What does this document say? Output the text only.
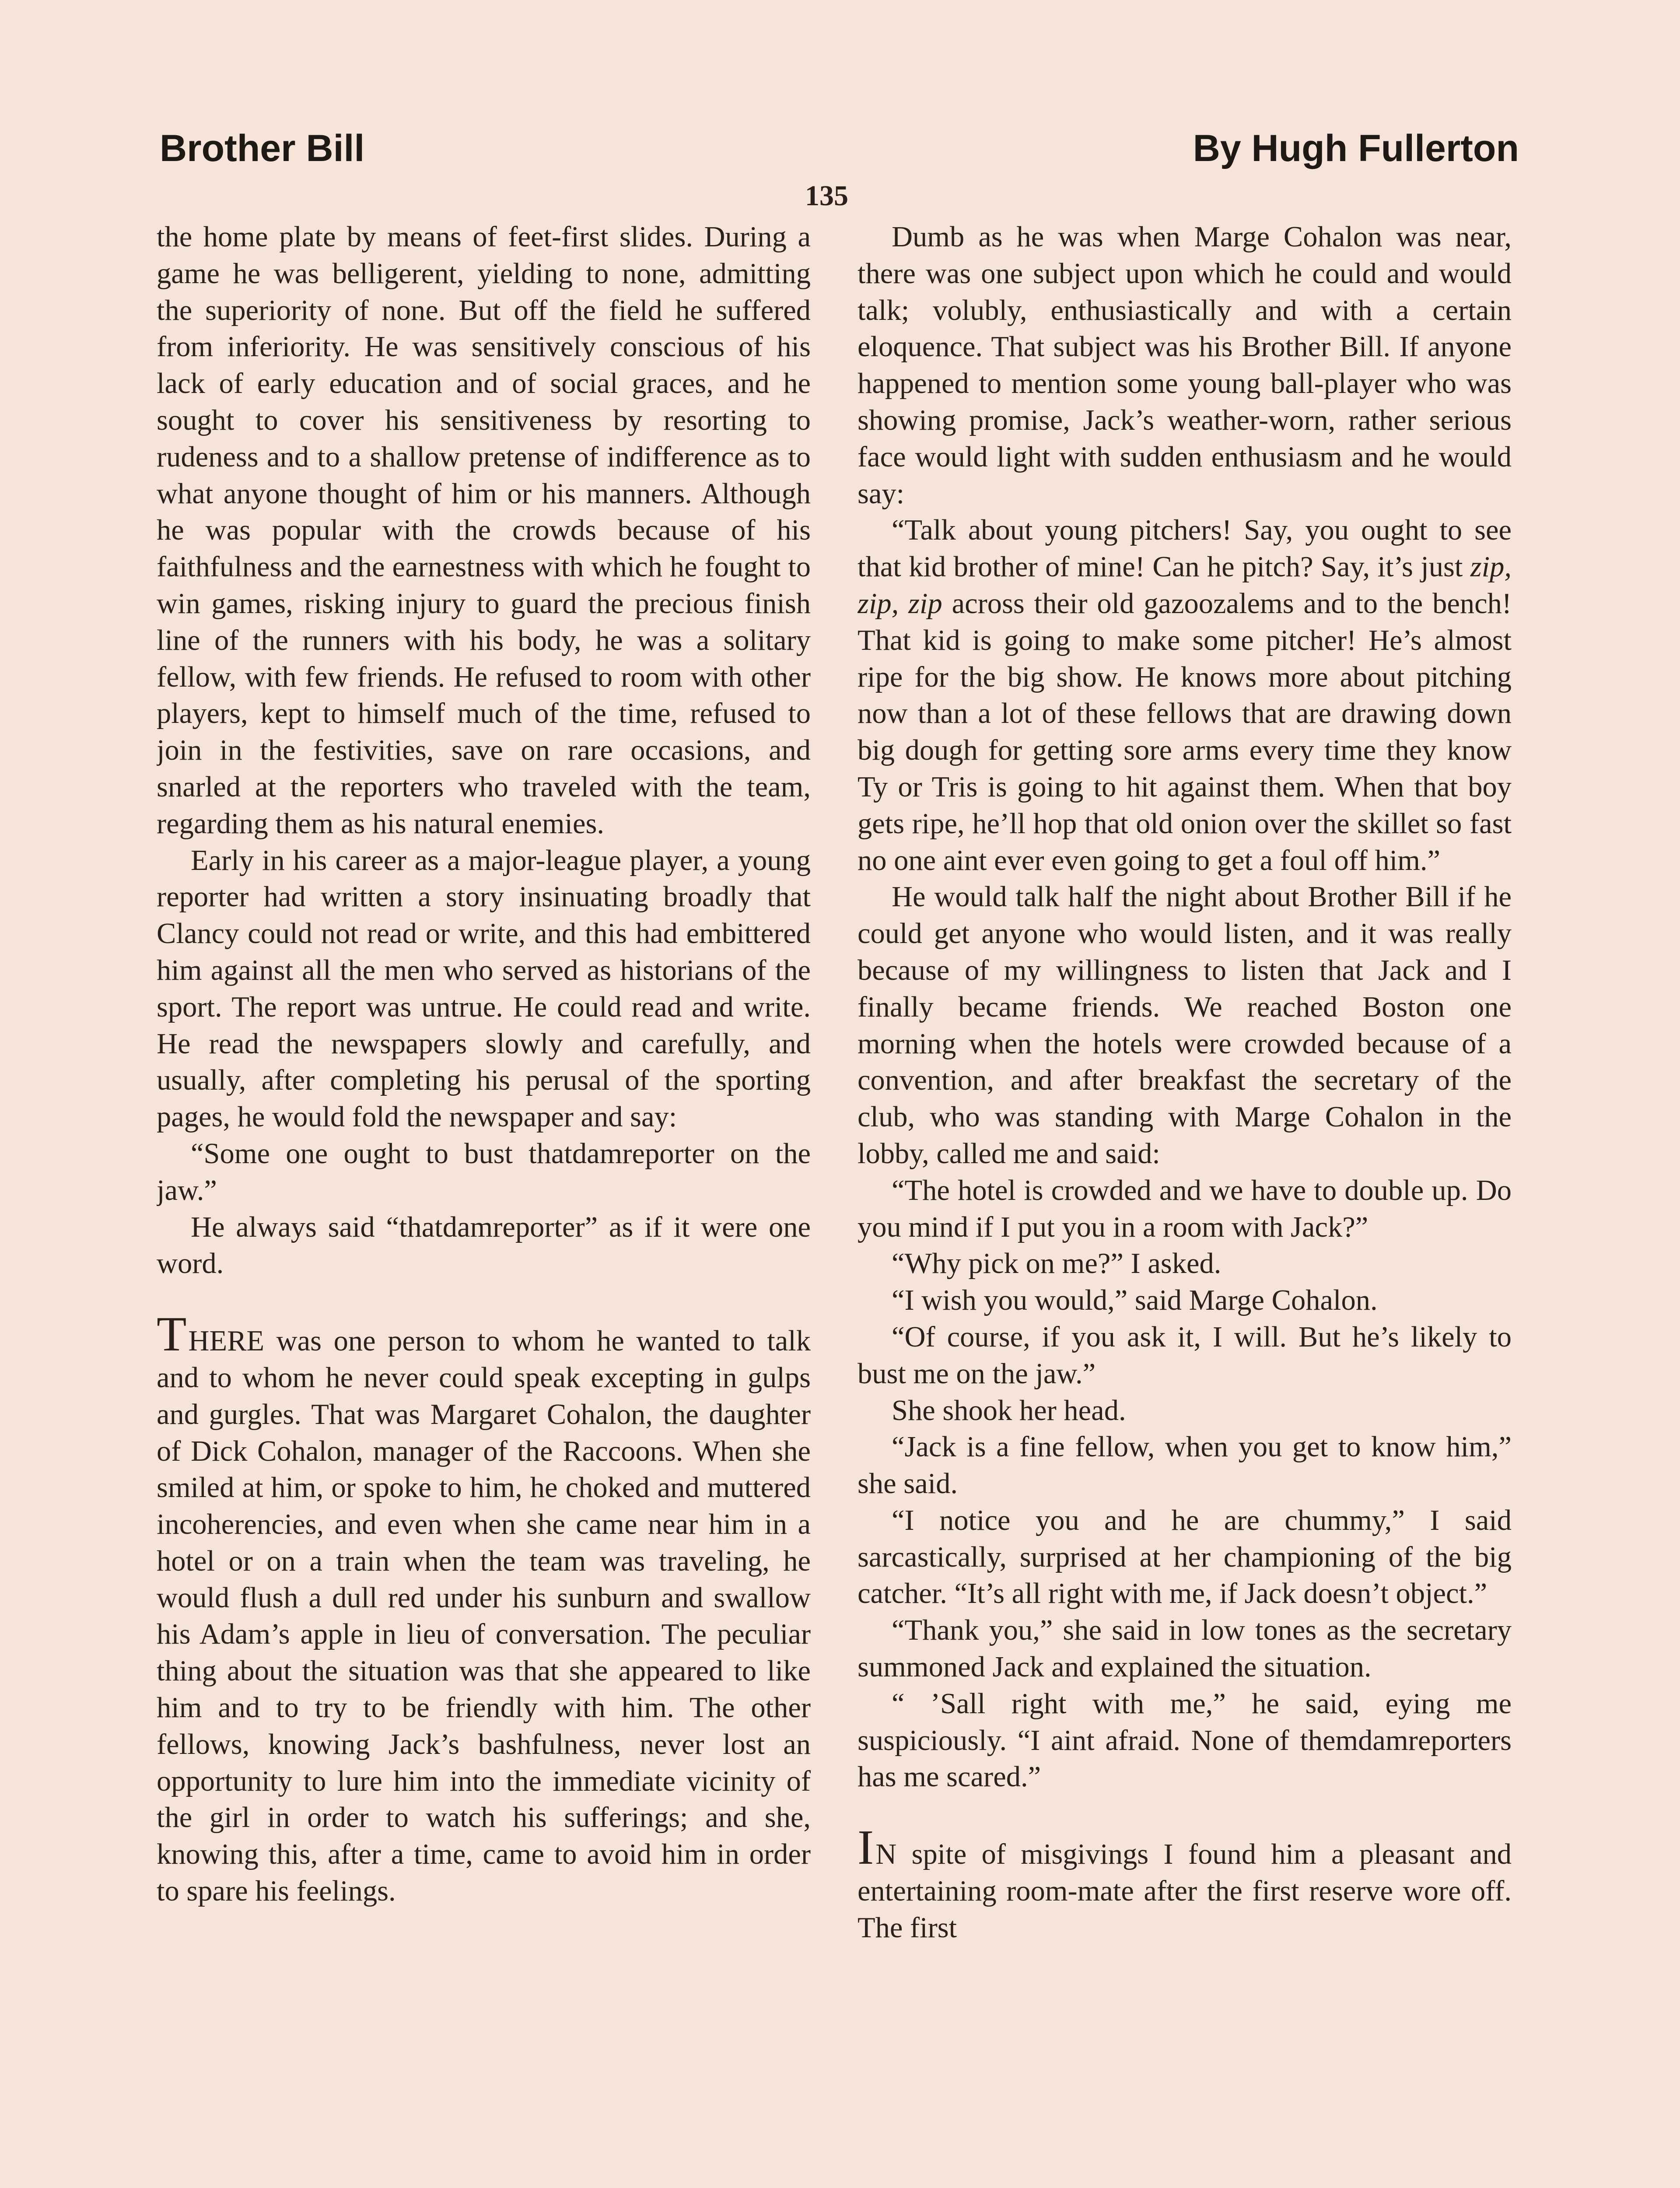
Brother Bill	By Hugh Fullerton
135

the home plate by means of feet-first slides. During a game he was belligerent, yielding to none, admitting the superiority of none. But off the field he suffered from inferiority. He was sensitively conscious of his lack of early education and of social graces, and he sought to cover his sensitiveness by resorting to rudeness and to a shallow pretense of indifference as to what anyone thought of him or his manners. Although he was popular with the crowds because of his faithfulness and the earnestness with which he fought to win games, risking injury to guard the precious finish line of the runners with his body, he was a solitary fellow, with few friends. He refused to room with other players, kept to himself much of the time, refused to join in the festivities, save on rare occasions, and snarled at the reporters who traveled with the team, regarding them as his natural enemies.

Early in his career as a major-league player, a young reporter had written a story insinuating broadly that Clancy could not read or write, and this had embittered him against all the men who served as historians of the sport. The report was untrue. He could read and write. He read the newspapers slowly and carefully, and usually, after completing his perusal of the sporting pages, he would fold the newspaper and say:

“Some one ought to bust thatdamreporter on the jaw.”

He always said “thatdamreporter” as if it were one word.

THERE was one person to whom he wanted to talk and to whom he never could speak excepting in gulps and gurgles. That was Margaret Cohalon, the daughter of Dick Cohalon, manager of the Raccoons. When she smiled at him, or spoke to him, he choked and muttered incoherencies, and even when she came near him in a hotel or on a train when the team was traveling, he would flush a dull red under his sunburn and swallow his Adam’s apple in lieu of conversation. The peculiar thing about the situation was that she appeared to like him and to try to be friendly with him. The other fellows, knowing Jack’s bashfulness, never lost an opportunity to lure him into the immediate vicinity of the girl in order to watch his sufferings; and she, knowing this, after a time, came to avoid him in order to spare his feelings.

Dumb as he was when Marge Cohalon was near, there was one subject upon which he could and would talk; volubly, enthusiastically and with a certain eloquence. That subject was his Brother Bill. If anyone happened to mention some young ball-player who was showing promise, Jack’s weather-worn, rather serious face would light with sudden enthusiasm and he would say:

“Talk about young pitchers! Say, you ought to see that kid brother of mine! Can he pitch? Say, it’s just zip, zip, zip across their old gazoozalems and to the bench! That kid is going to make some pitcher! He’s almost ripe for the big show. He knows more about pitching now than a lot of these fellows that are drawing down big dough for getting sore arms every time they know Ty or Tris is going to hit against them. When that boy gets ripe, he’ll hop that old onion over the skillet so fast no one aint ever even going to get a foul off him.”

He would talk half the night about Brother Bill if he could get anyone who would listen, and it was really because of my willingness to listen that Jack and I finally became friends. We reached Boston one morning when the hotels were crowded because of a convention, and after breakfast the secretary of the club, who was standing with Marge Cohalon in the lobby, called me and said:

“The hotel is crowded and we have to double up. Do you mind if I put you in a room with Jack?”

“Why pick on me?” I asked.

“I wish you would,” said Marge Cohalon.

“Of course, if you ask it, I will. But he’s likely to bust me on the jaw.”

She shook her head.

“Jack is a fine fellow, when you get to know him,” she said.

“I notice you and he are chummy,” I said sarcastically, surprised at her championing of the big catcher. “It’s all right with me, if Jack doesn’t object.”

“Thank you,” she said in low tones as the secretary summoned Jack and explained the situation.

“ ’Sall right with me,” he said, eying me suspiciously. “I aint afraid. None of themdamreporters has me scared.”

IN spite of misgivings I found him a pleasant and entertaining room-mate after the first reserve wore off. The first
